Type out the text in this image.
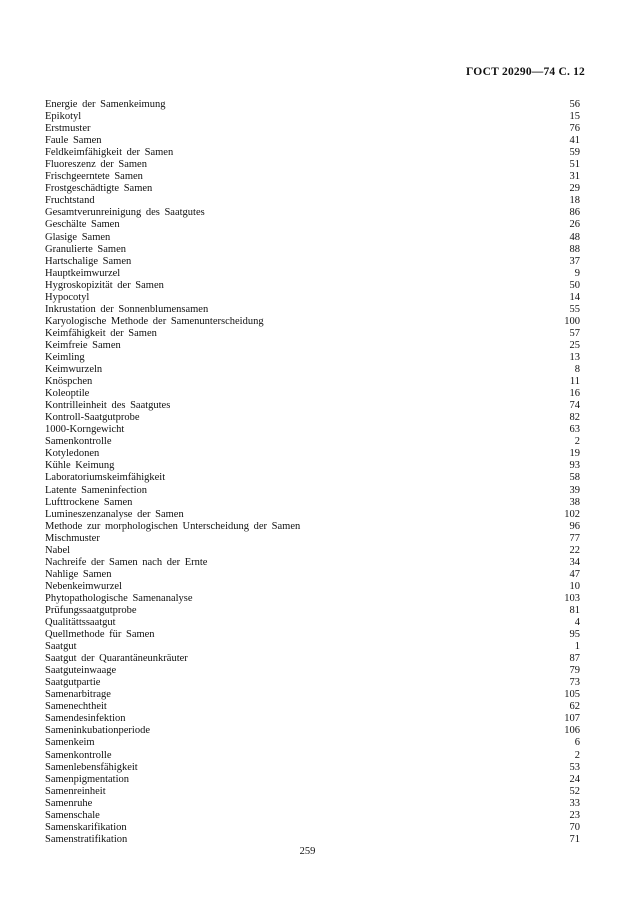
ГОСТ 20290—74 С. 12
Energie der Samenkeimung	56
Epikotyl	15
Erstmuster	76
Faule Samen	41
Feldkeimfähigkeit der Samen	59
Fluoreszenz der Samen	51
Frischgeerntete Samen	31
Frostgeschädtigte Samen	29
Fruchtstand	18
Gesamtverunreinigung des Saatgutes	86
Geschälte Samen	26
Glasige Samen	48
Granulierte Samen	88
Hartschalige Samen	37
Hauptkeimwurzel	9
Hygroskopizität der Samen	50
Hypocotyl	14
Inkrustation der Sonnenblumensamen	55
Karyologische Methode der Samenunterscheidung	100
Keimfähigkeit der Samen	57
Keimfreie Samen	25
Keimling	13
Keimwurzeln	8
Knöspchen	11
Koleoptile	16
Kontrilleinheit des Saatgutes	74
Kontroll-Saatgutprobe	82
1000-Korngewicht	63
Samenkontrolle	2
Kotyledonen	19
Kühle Keimung	93
Laboratoriumskeimfähigkeit	58
Latente Sameninfection	39
Lufttrockene Samen	38
Lumineszenzanalyse der Samen	102
Methode zur morphologischen Unterscheidung der Samen	96
Mischmuster	77
Nabel	22
Nachreife der Samen nach der Ernte	34
Nahlige Samen	47
Nebenkeimwurzel	10
Phytopathologische Samenanalyse	103
Prüfungssaatgutprobe	81
Qualitättssaatgut	4
Quellmethode für Samen	95
Saatgut	1
Saatgut der Quarantäneunkräuter	87
Saatguteinwaage	79
Saatgutpartie	73
Samenarbitrage	105
Samenechtheit	62
Samendesinfektion	107
Sameninkubationperiode	106
Samenkeim	6
Samenkontrolle	2
Samenlebensfähigkeit	53
Samenpigmentation	24
Samenreinheit	52
Samenruhe	33
Samenschale	23
Samenskarifikation	70
Samenstratifikation	71
259
